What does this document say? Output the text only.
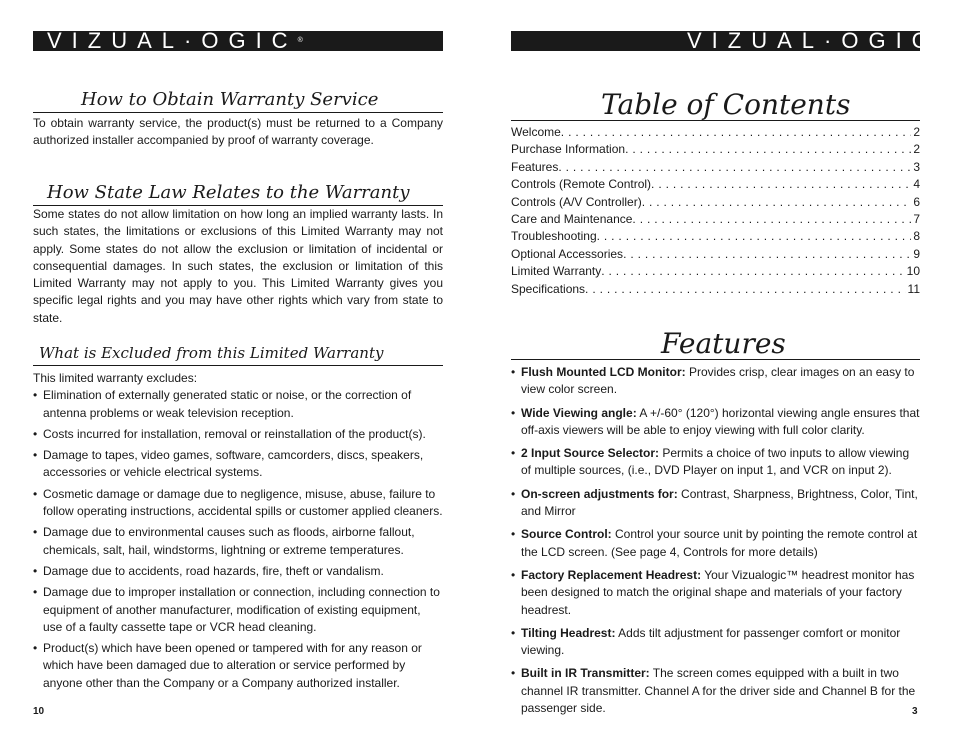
VIZUAL·OGIC®	VIZUAL·OGIC®
How to Obtain Warranty Service

To obtain warranty service, the product(s) must be returned to a Company authorized installer accompanied by proof of warranty coverage.

How State Law Relates to the Warranty

Some states do not allow limitation on how long an implied warranty lasts. In such states, the limitations or exclusions of this Limited Warranty may not apply. Some states do not allow the exclusion or limitation of incidental or consequential damages. In such states, the exclusion or limitation of this Limited Warranty may not apply to you. This Limited Warranty gives you specific legal rights and you may have other rights which vary from state to state.

What is Excluded from this Limited Warranty

This limited warranty excludes:

• Elimination of externally generated static or noise, or the correction of antenna problems or weak television reception.
• Costs incurred for installation, removal or reinstallation of the product(s).
• Damage to tapes, video games, software, camcorders, discs, speakers, accessories or vehicle electrical systems.
• Cosmetic damage or damage due to negligence, misuse, abuse, failure to follow operating instructions, accidental spills or customer applied cleaners.
• Damage due to environmental causes such as floods, airborne fallout, chemicals, salt, hail, windstorms, lightning or extreme temperatures.
• Damage due to accidents, road hazards, fire, theft or vandalism.
• Damage due to improper installation or connection, including connection to equipment of another manufacturer, modification of existing equipment, use of a faulty cassette tape or VCR head cleaning.
• Product(s) which have been opened or tampered with for any reason or which have been damaged due to alteration or service performed by anyone other than the Company or a Company authorized installer.
10
Table of Contents
Welcome . . .	2
Purchase Information . . .	2
Features . . .	3
Controls (Remote Control) . . .	4
Controls (A/V Controller) . . .	6
Care and Maintenance . . .	7
Troubleshooting . . .	8
Optional Accessories . . .	9
Limited Warranty . . .	10
Specifications . . .	11
Features
• Flush Mounted LCD Monitor: Provides crisp, clear images on an easy to view color screen.
• Wide Viewing angle: A +/-60° (120°) horizontal viewing angle ensures that off-axis viewers will be able to enjoy viewing with full color clarity.
• 2 Input Source Selector: Permits a choice of two inputs to allow viewing of multiple sources, (i.e., DVD Player on input 1, and VCR on input 2).
• On-screen adjustments for: Contrast, Sharpness, Brightness, Color, Tint, and Mirror
• Source Control: Control your source unit by pointing the remote control at the LCD screen. (See page 4, Controls for more details)
• Factory Replacement Headrest: Your Vizualogic™ headrest monitor has been designed to match the original shape and materials of your factory headrest.
• Tilting Headrest: Adds tilt adjustment for passenger comfort or monitor viewing.
• Built in IR Transmitter: The screen comes equipped with a built in two channel IR transmitter. Channel A for the driver side and Channel B for the passenger side.	3
